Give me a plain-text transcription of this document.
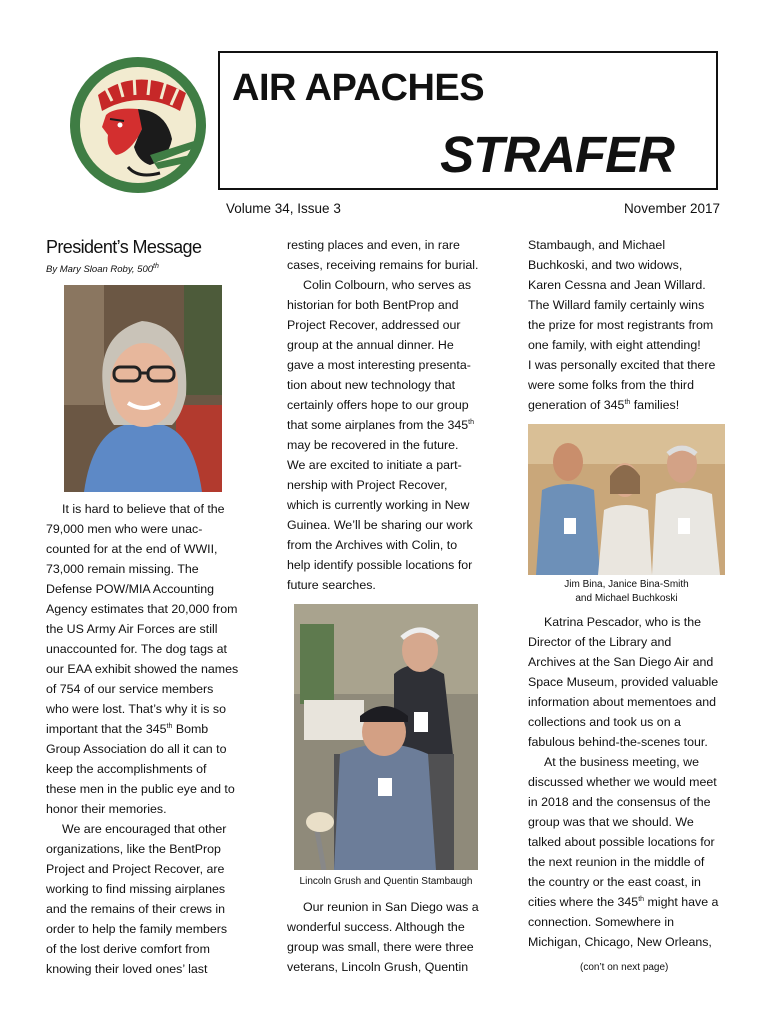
AIR APACHES
STRAFER
Volume 34, Issue 3	November 2017
President’s Message
By Mary Sloan Roby, 500th

It is hard to believe that of the

79,000 men who were unac-

counted for at the end of WWII,

73,000 remain missing. The

Defense POW/MIA Accounting

Agency estimates that 20,000 from

the US Army Air Forces are still

unaccounted for. The dog tags at

our EAA exhibit showed the names

of 754 of our service members

who were lost. That’s why it is so

important that the 345th Bomb

Group Association do all it can to

keep the accomplishments of

these men in the public eye and to

honor their memories.

We are encouraged that other

organizations, like the BentProp

Project and Project Recover, are

working to find missing airplanes

and the remains of their crews in

order to help the family members

of the lost derive comfort from

knowing their loved ones’ last

resting places and even, in rare

cases, receiving remains for burial.

Colin Colbourn, who serves as

historian for both BentProp and

Project Recover, addressed our

group at the annual dinner. He

gave a most interesting presenta-

tion about new technology that

certainly offers hope to our group

that some airplanes from the 345th

may be recovered in the future.

We are excited to initiate a part-

nership with Project Recover,

which is currently working in New

Guinea. We’ll be sharing our work

from the Archives with Colin, to

help identify possible locations for

future searches.

Lincoln Grush and Quentin Stambaugh

Our reunion in San Diego was a

wonderful success. Although the

group was small, there were three

veterans, Lincoln Grush, Quentin

Stambaugh, and Michael

Buchkoski, and two widows,

Karen Cessna and Jean Willard.

The Willard family certainly wins

the prize for most registrants from

one family, with eight attending!

I was personally excited that there

were some folks from the third

generation of 345th families!

Jim Bina, Janice Bina-Smith
and Michael Buchkoski

Katrina Pescador, who is the

Director of the Library and

Archives at the San Diego Air and

Space Museum, provided valuable

information about mementoes and

collections and took us on a

fabulous behind-the-scenes tour.

At the business meeting, we

discussed whether we would meet

in 2018 and the consensus of the

group was that we should. We

talked about possible locations for

the next reunion in the middle of

the country or the east coast, in

cities where the 345th might have a

connection. Somewhere in

Michigan, Chicago, New Orleans,

(con’t on next page)
